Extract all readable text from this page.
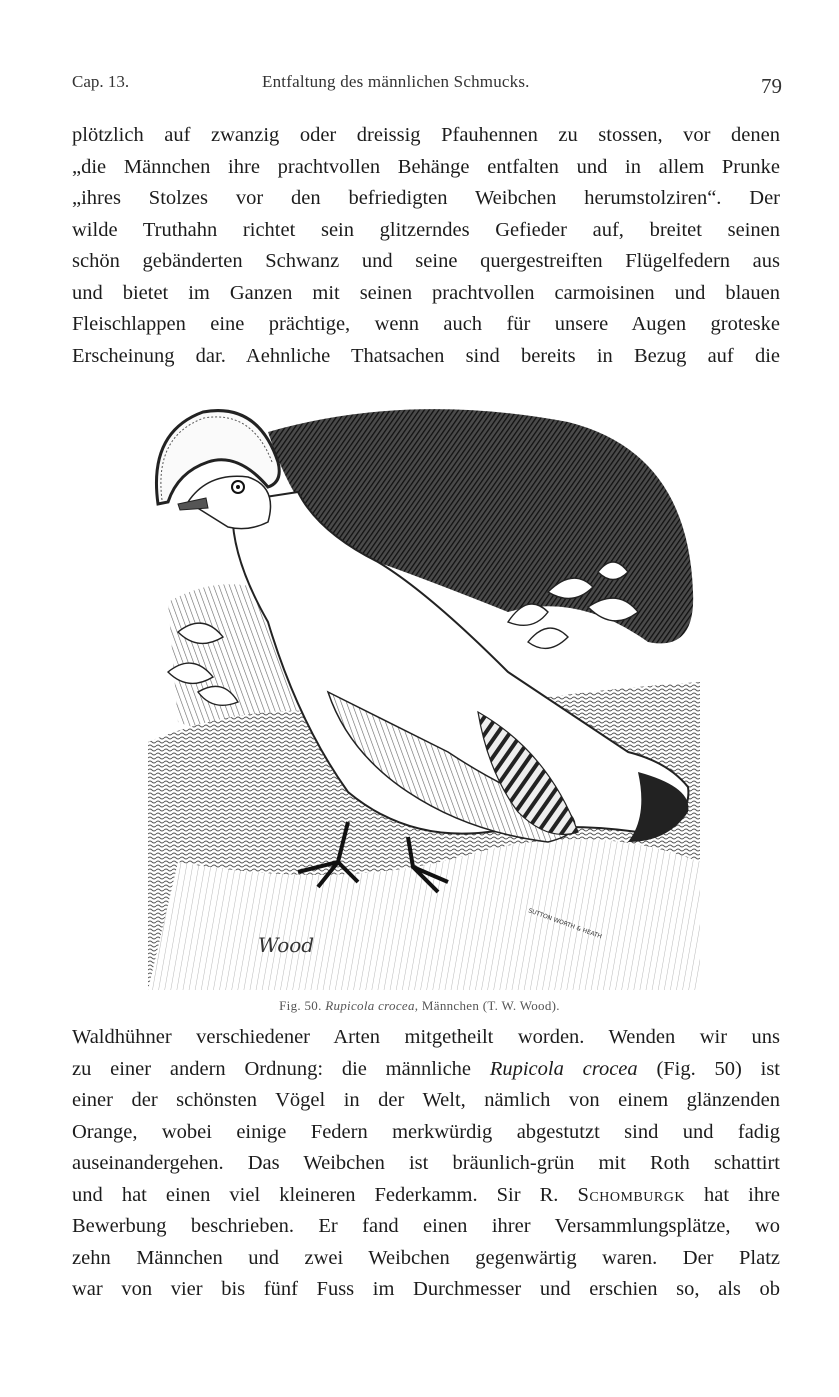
Cap. 13.	Entfaltung des männlichen Schmucks.	79
plötzlich auf zwanzig oder dreissig Pfauhennen zu stossen, vor denen
„die Männchen ihre prachtvollen Behänge entfalten und in allem Prunke
„ihres Stolzes vor den befriedigten Weibchen herumstolziren“. Der
wilde Truthahn richtet sein glitzerndes Gefieder auf, breitet seinen
schön gebänderten Schwanz und seine quergestreiften Flügelfedern aus
und bietet im Ganzen mit seinen prachtvollen carmoisinen und blauen
Fleischlappen eine prächtige, wenn auch für unsere Augen groteske
Erscheinung dar. Aehnliche Thatsachen sind bereits in Bezug auf die
Wood
SUTTON WORTH & HEATH
Fig. 50. Rupicola crocea, Männchen (T. W. Wood).
Waldhühner verschiedener Arten mitgetheilt worden. Wenden wir uns
zu einer andern Ordnung: die männliche Rupicola crocea (Fig. 50) ist
einer der schönsten Vögel in der Welt, nämlich von einem glänzenden
Orange, wobei einige Federn merkwürdig abgestutzt sind und fadig
auseinandergehen. Das Weibchen ist bräunlich-grün mit Roth schattirt
und hat einen viel kleineren Federkamm. Sir R. Schomburgk hat ihre
Bewerbung beschrieben. Er fand einen ihrer Versammlungsplätze, wo
zehn Männchen und zwei Weibchen gegenwärtig waren. Der Platz
war von vier bis fünf Fuss im Durchmesser und erschien so, als ob
